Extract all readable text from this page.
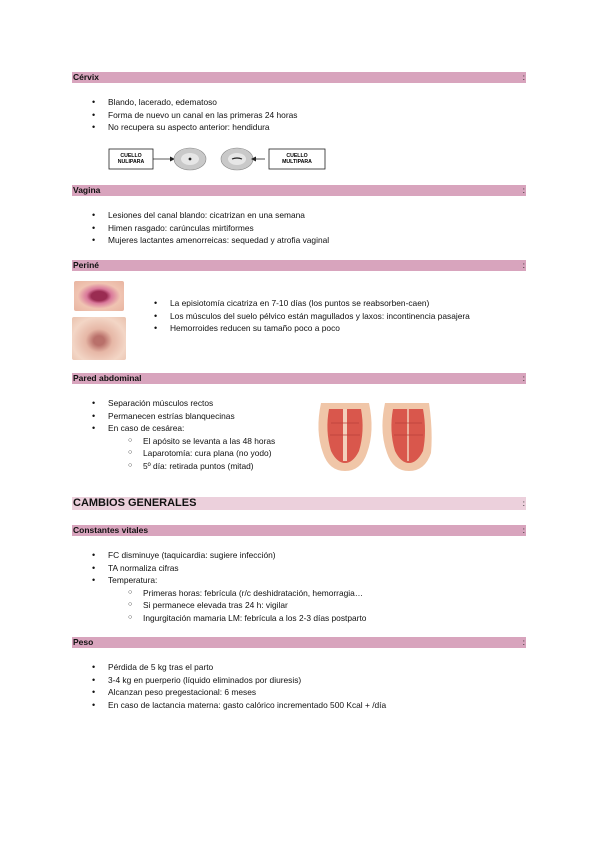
Cérvix	:
• Blando, lacerado, edematoso
• Forma de nuevo un canal en las primeras 24 horas
• No recupera su aspecto anterior: hendidura
CUELLO NULIPARA
CUELLO MULTIPARA
Vagina	:
• Lesiones del canal blando: cicatrizan en una semana
• Himen rasgado: carúnculas mirtiformes
• Mujeres lactantes amenorreicas: sequedad y atrofia vaginal
Periné	:
• La episiotomía cicatriza en 7-10 días (los puntos se reabsorben-caen)
• Los músculos del suelo pélvico están magullados y laxos: incontinencia pasajera
• Hemorroides reducen su tamaño poco a poco
Pared abdominal	:
• Separación músculos rectos
• Permanecen estrías blanquecinas
• En caso de cesárea:
○ El apósito se levanta a las 48 horas
○ Laparotomía: cura plana (no yodo)
○ 5º día: retirada puntos (mitad)
CAMBIOS GENERALES	:
Constantes vitales	:
• FC disminuye (taquicardia: sugiere infección)
• TA normaliza cifras
• Temperatura:
○ Primeras horas: febrícula (r/c deshidratación, hemorragia…
○ Si permanece elevada tras 24 h: vigilar
○ Ingurgitación mamaria LM: febrícula a los 2-3 días postparto
Peso	:
• Pérdida de 5 kg tras el parto
• 3-4 kg en puerperio (líquido eliminados por diuresis)
• Alcanzan peso pregestacional: 6 meses
• En caso de lactancia materna: gasto calórico incrementado 500 Kcal + /día
